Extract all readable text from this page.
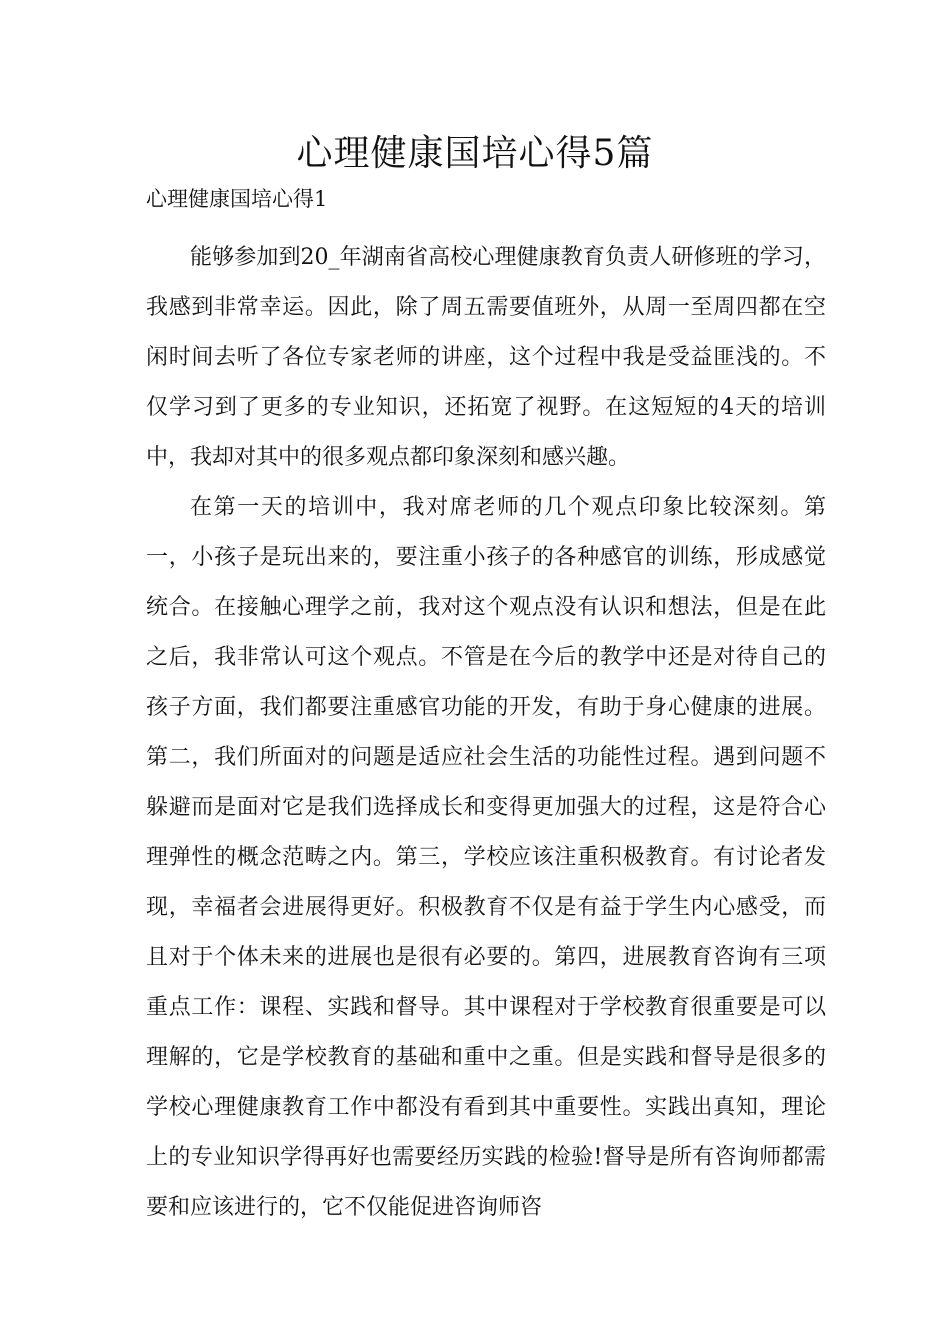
心理健康国培心得5篇
心理健康国培心得1

能够参加到20_年湖南省高校心理健康教育负责人研修班的学习，我感到非常幸运。因此，除了周五需要值班外，从周一至周四都在空闲时间去听了各位专家老师的讲座，这个过程中我是受益匪浅的。不仅学习到了更多的专业知识，还拓宽了视野。在这短短的4天的培训中，我却对其中的很多观点都印象深刻和感兴趣。

在第一天的培训中，我对席老师的几个观点印象比较深刻。第一，小孩子是玩出来的，要注重小孩子的各种感官的训练，形成感觉统合。在接触心理学之前，我对这个观点没有认识和想法，但是在此之后，我非常认可这个观点。不管是在今后的教学中还是对待自己的孩子方面，我们都要注重感官功能的开发，有助于身心健康的进展。第二，我们所面对的问题是适应社会生活的功能性过程。遇到问题不躲避而是面对它是我们选择成长和变得更加强大的过程，这是符合心理弹性的概念范畴之内。第三，学校应该注重积极教育。有讨论者发现，幸福者会进展得更好。积极教育不仅是有益于学生内心感受，而且对于个体未来的进展也是很有必要的。第四，进展教育咨询有三项重点工作：课程、实践和督导。其中课程对于学校教育很重要是可以理解的，它是学校教育的基础和重中之重。但是实践和督导是很多的学校心理健康教育工作中都没有看到其中重要性。实践出真知，理论上的专业知识学得再好也需要经历实践的检验!督导是所有咨询师都需要和应该进行的，它不仅能促进咨询师咨
